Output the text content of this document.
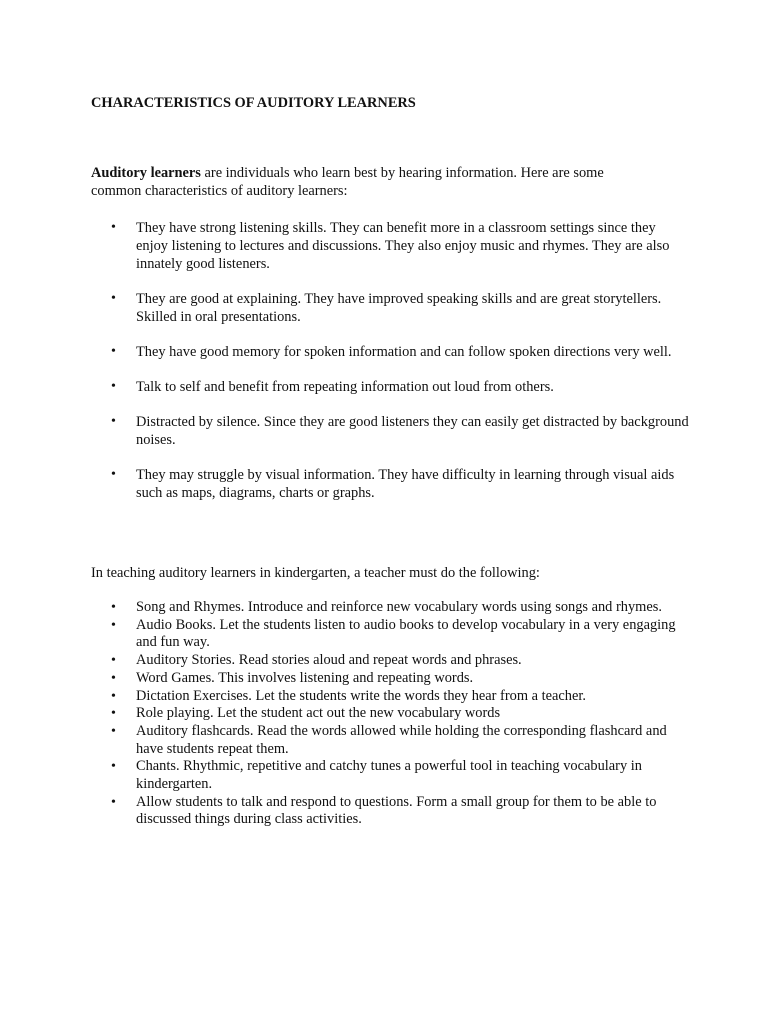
CHARACTERISTICS OF AUDITORY LEARNERS

Auditory learners are individuals who learn best by hearing information. Here are some common characteristics of auditory learners:

• They have strong listening skills. They can benefit more in a classroom settings since they enjoy listening to lectures and discussions. They also enjoy music and rhymes. They are also innately good listeners.
• They are good at explaining. They have improved speaking skills and are great storytellers. Skilled in oral presentations.
• They have good memory for spoken information and can follow spoken directions very well.
• Talk to self and benefit from repeating information out loud from others.
• Distracted by silence. Since they are good listeners they can easily get distracted by background noises.
• They may struggle by visual information. They have difficulty in learning through visual aids such as maps, diagrams, charts or graphs.

In teaching auditory learners in kindergarten, a teacher must do the following:

• Song and Rhymes. Introduce and reinforce new vocabulary words using songs and rhymes.
• Audio Books. Let the students listen to audio books to develop vocabulary in a very engaging and fun way.
• Auditory Stories. Read stories aloud and repeat words and phrases.
• Word Games. This involves listening and repeating words.
• Dictation Exercises. Let the students write the words they hear from a teacher.
• Role playing. Let the student act out the new vocabulary words
• Auditory flashcards. Read the words allowed while holding the corresponding flashcard and have students repeat them.
• Chants. Rhythmic, repetitive and catchy tunes a powerful tool in teaching vocabulary in kindergarten.
• Allow students to talk and respond to questions. Form a small group for them to be able to discussed things during class activities.
